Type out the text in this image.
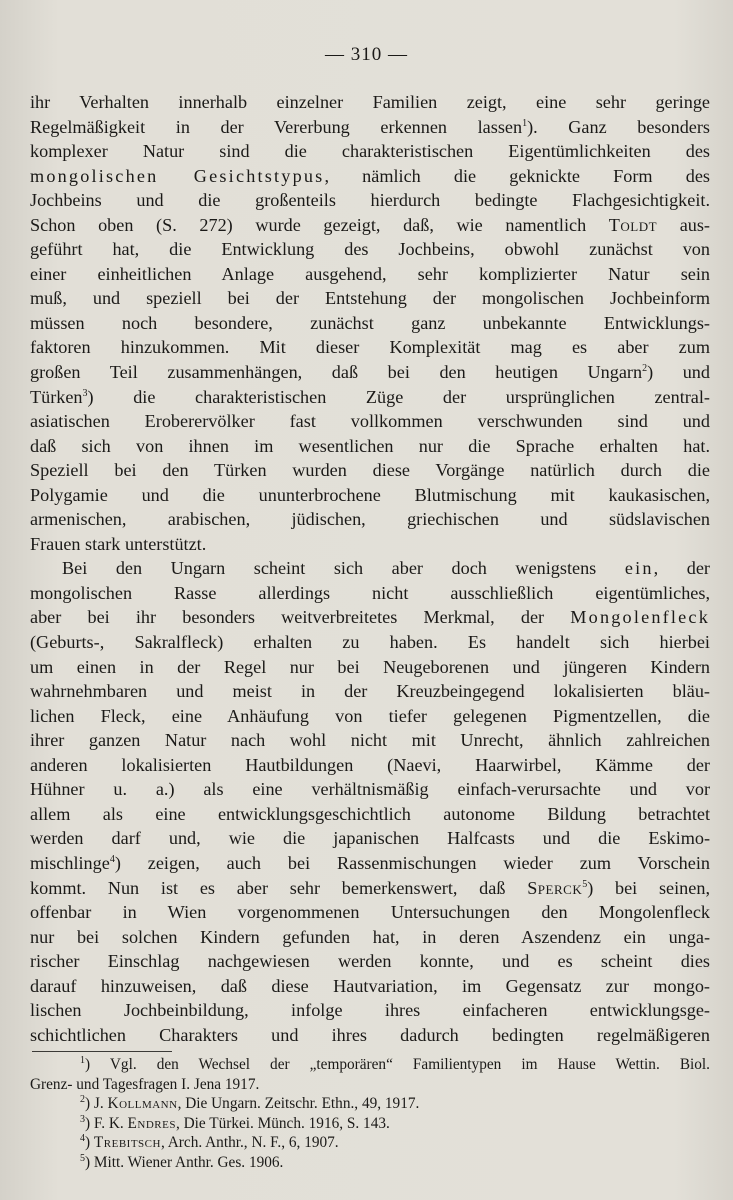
— 310 —
ihr Verhalten innerhalb einzelner Familien zeigt, eine sehr geringe
Regelmäßigkeit in der Vererbung erkennen lassen$^1$). Ganz besonders
komplexer Natur sind die charakteristischen Eigentümlichkeiten des
mongolischen Gesichtstypus, nämlich die geknickte Form des
Jochbeins und die großenteils hierdurch bedingte Flachgesichtigkeit.
Schon oben (S. 272) wurde gezeigt, daß, wie namentlich Toldt aus-
geführt hat, die Entwicklung des Jochbeins, obwohl zunächst von
einer einheitlichen Anlage ausgehend, sehr komplizierter Natur sein
muß, und speziell bei der Entstehung der mongolischen Jochbeinform
müssen noch besondere, zunächst ganz unbekannte Entwicklungs-
faktoren hinzukommen. Mit dieser Komplexität mag es aber zum
großen Teil zusammenhängen, daß bei den heutigen Ungarn$^2$) und
Türken$^3$) die charakteristischen Züge der ursprünglichen zentral-
asiatischen Eroberervölker fast vollkommen verschwunden sind und
daß sich von ihnen im wesentlichen nur die Sprache erhalten hat.
Speziell bei den Türken wurden diese Vorgänge natürlich durch die
Polygamie und die ununterbrochene Blutmischung mit kaukasischen,
armenischen, arabischen, jüdischen, griechischen und südslavischen
Frauen stark unterstützt.
Bei den Ungarn scheint sich aber doch wenigstens ein, der
mongolischen Rasse allerdings nicht ausschließlich eigentümliches,
aber bei ihr besonders weitverbreitetes Merkmal, der Mongolenfleck
(Geburts-, Sakralfleck) erhalten zu haben. Es handelt sich hierbei
um einen in der Regel nur bei Neugeborenen und jüngeren Kindern
wahrnehmbaren und meist in der Kreuzbeingegend lokalisierten bläu-
lichen Fleck, eine Anhäufung von tiefer gelegenen Pigmentzellen, die
ihrer ganzen Natur nach wohl nicht mit Unrecht, ähnlich zahlreichen
anderen lokalisierten Hautbildungen (Naevi, Haarwirbel, Kämme der
Hühner u. a.) als eine verhältnismäßig einfach-verursachte und vor
allem als eine entwicklungsgeschichtlich autonome Bildung betrachtet
werden darf und, wie die japanischen Halfcasts und die Eskimo-
mischlinge$^4$) zeigen, auch bei Rassenmischungen wieder zum Vorschein
kommt. Nun ist es aber sehr bemerkenswert, daß Sperck$^5$) bei seinen,
offenbar in Wien vorgenommenen Untersuchungen den Mongolenfleck
nur bei solchen Kindern gefunden hat, in deren Aszendenz ein unga-
rischer Einschlag nachgewiesen werden konnte, und es scheint dies
darauf hinzuweisen, daß diese Hautvariation, im Gegensatz zur mongo-
lischen Jochbeinbildung, infolge ihres einfacheren entwicklungsge-
schichtlichen Charakters und ihres dadurch bedingten regelmäßigeren
$^1$) Vgl. den Wechsel der „temporären“ Familientypen im Hause Wettin. Biol.
Grenz- und Tagesfragen I. Jena 1917.
$^2$) J. Kollmann, Die Ungarn. Zeitschr. Ethn., 49, 1917.
$^3$) F. K. Endres, Die Türkei. Münch. 1916, S. 143.
$^4$) Trebitsch, Arch. Anthr., N. F., 6, 1907.
$^5$) Mitt. Wiener Anthr. Ges. 1906.
